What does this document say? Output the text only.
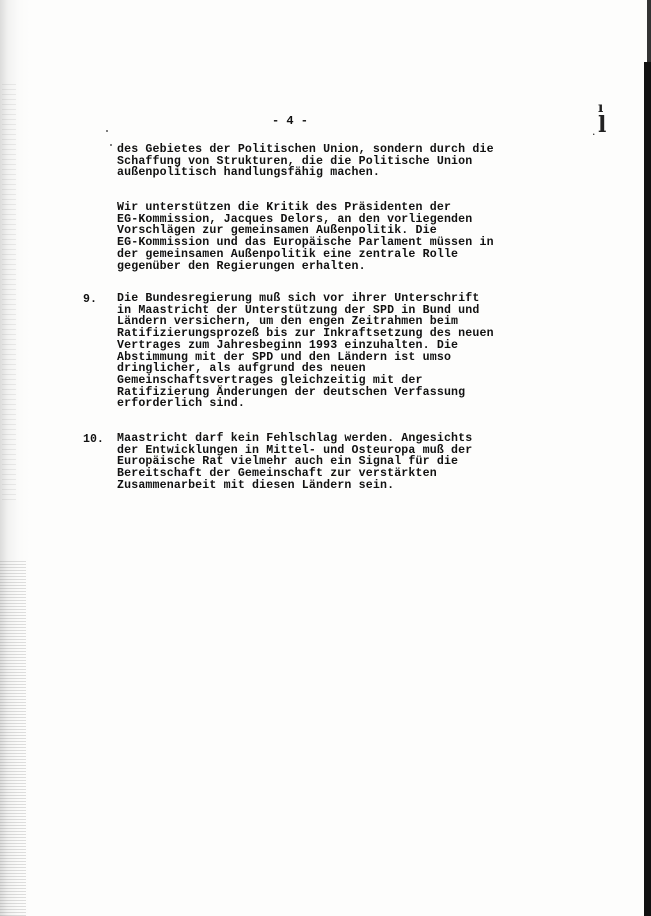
ı
l
·
- 4 -
des Gebietes der Politischen Union, sondern durch die
Schaffung von Strukturen, die die Politische Union
außenpolitisch handlungsfähig machen.
Wir unterstützen die Kritik des Präsidenten der
EG-Kommission, Jacques Delors, an den vorliegenden
Vorschlägen zur gemeinsamen Außenpolitik. Die
EG-Kommission und das Europäische Parlament müssen in
der gemeinsamen Außenpolitik eine zentrale Rolle
gegenüber den Regierungen erhalten.
9. Die Bundesregierung muß sich vor ihrer Unterschrift
in Maastricht der Unterstützung der SPD in Bund und
Ländern versichern, um den engen Zeitrahmen beim
Ratifizierungsprozeß bis zur Inkraftsetzung des neuen
Vertrages zum Jahresbeginn 1993 einzuhalten. Die
Abstimmung mit der SPD und den Ländern ist umso
dringlicher, als aufgrund des neuen
Gemeinschaftsvertrages gleichzeitig mit der
Ratifizierung Änderungen der deutschen Verfassung
erforderlich sind.
10. Maastricht darf kein Fehlschlag werden. Angesichts
der Entwicklungen in Mittel- und Osteuropa muß der
Europäische Rat vielmehr auch ein Signal für die
Bereitschaft der Gemeinschaft zur verstärkten
Zusammenarbeit mit diesen Ländern sein.
